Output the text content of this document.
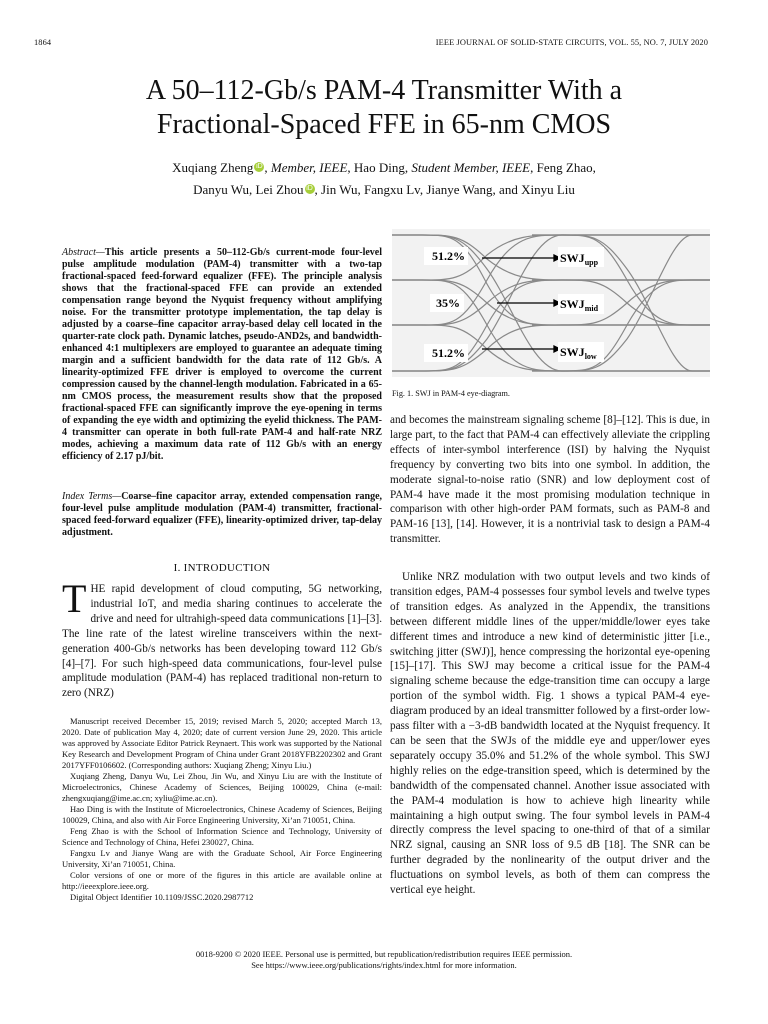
1864	IEEE JOURNAL OF SOLID-STATE CIRCUITS, VOL. 55, NO. 7, JULY 2020
A 50–112-Gb/s PAM-4 Transmitter With a
Fractional-Spaced FFE in 65-nm CMOS
Xuqiang Zheng iD , Member, IEEE, Hao Ding, Student Member, IEEE, Feng Zhao,
Danyu Wu, Lei Zhou iD , Jin Wu, Fangxu Lv, Jianye Wang, and Xinyu Liu
Abstract—This article presents a 50–112-Gb/s current-mode four-level pulse amplitude modulation (PAM-4) transmitter with a two-tap fractional-spaced feed-forward equalizer (FFE). The principle analysis shows that the fractional-spaced FFE can provide an extended compensation range beyond the Nyquist frequency without amplifying noise. For the transmitter prototype implementation, the tap delay is adjusted by a coarse–fine capacitor array-based delay cell located in the quarter-rate clock path. Dynamic latches, pseudo-AND2s, and bandwidth-enhanced 4:1 multiplexers are employed to guarantee an adequate timing margin and a sufficient bandwidth for the data rate of 112 Gb/s. A linearity-optimized FFE driver is employed to overcome the current compression caused by the channel-length modulation. Fabricated in a 65-nm CMOS process, the measurement results show that the proposed fractional-spaced FFE can significantly improve the eye-opening in terms of expanding the eye width and optimizing the eyelid thickness. The PAM-4 transmitter can operate in both full-rate PAM-4 and half-rate NRZ modes, achieving a maximum data rate of 112 Gb/s with an energy efficiency of 2.17 pJ/bit.
Index Terms—Coarse–fine capacitor array, extended compensation range, four-level pulse amplitude modulation (PAM-4) transmitter, fractional-spaced feed-forward equalizer (FFE), linearity-optimized driver, tap-delay adjustment.
I. INTRODUCTION
THE rapid development of cloud computing, 5G networking, industrial IoT, and media sharing continues to accelerate the drive and need for ultrahigh-speed data communications [1]–[3]. The line rate of the latest wireline transceivers within the next-generation 400-Gb/s networks has been developing toward 112 Gb/s [4]–[7]. For such high-speed data communications, four-level pulse amplitude modulation (PAM-4) has replaced traditional non-return to zero (NRZ)

Manuscript received December 15, 2019; revised March 5, 2020; accepted March 13, 2020. Date of publication May 4, 2020; date of current version June 29, 2020. This article was approved by Associate Editor Patrick Reynaert. This work was supported by the National Key Research and Development Program of China under Grant 2018YFB2202302 and Grant 2017YFF0106602. (Corresponding authors: Xuqiang Zheng; Xinyu Liu.)

Xuqiang Zheng, Danyu Wu, Lei Zhou, Jin Wu, and Xinyu Liu are with the Institute of Microelectronics, Chinese Academy of Sciences, Beijing 100029, China (e-mail: zhengxuqiang@ime.ac.cn; xyliu@ime.ac.cn).

Hao Ding is with the Institute of Microelectronics, Chinese Academy of Sciences, Beijing 100029, China, and also with Air Force Engineering University, Xi’an 710051, China.

Feng Zhao is with the School of Information Science and Technology, University of Science and Technology of China, Hefei 230027, China.

Fangxu Lv and Jianye Wang are with the Graduate School, Air Force Engineering University, Xi’an 710051, China.

Color versions of one or more of the figures in this article are available online at http://ieeexplore.ieee.org.

Digital Object Identifier 10.1109/JSSC.2020.2987712

51.2%
35%
51.2%
$SWJ_{upp}$
$SWJ_{mid}$
$SWJ_{low}$
Fig. 1. SWJ in PAM-4 eye-diagram.
and becomes the mainstream signaling scheme [8]–[12]. This is due, in large part, to the fact that PAM-4 can effectively alleviate the crippling effects of inter-symbol interference (ISI) by halving the Nyquist frequency by converting two bits into one symbol. In addition, the moderate signal-to-noise ratio (SNR) and low deployment cost of PAM-4 have made it the most promising modulation technique in comparison with other high-order PAM formats, such as PAM-8 and PAM-16 [13], [14]. However, it is a nontrivial task to design a PAM-4 transmitter.
Unlike NRZ modulation with two output levels and two kinds of transition edges, PAM-4 possesses four symbol levels and twelve types of transition edges. As analyzed in the Appendix, the transitions between different middle lines of the upper/middle/lower eyes take different times and introduce a new kind of deterministic jitter [i.e., switching jitter (SWJ)], hence compressing the horizontal eye-opening [15]–[17]. This SWJ may become a critical issue for the PAM-4 signaling scheme because the edge-transition time can occupy a large portion of the symbol width. Fig. 1 shows a typical PAM-4 eye-diagram produced by an ideal transmitter followed by a first-order low-pass filter with a −3-dB bandwidth located at the Nyquist frequency. It can be seen that the SWJs of the middle eye and upper/lower eyes separately occupy 35.0% and 51.2% of the whole symbol. This SWJ highly relies on the edge-transition speed, which is determined by the bandwidth of the compensated channel. Another issue associated with the PAM-4 modulation is how to achieve high linearity while maintaining a high output swing. The four symbol levels in PAM-4 directly compress the level spacing to one-third of that of a similar NRZ signal, causing an SNR loss of 9.5 dB [18]. The SNR can be further degraded by the nonlinearity of the output driver and the fluctuations on symbol levels, as both of them can compress the vertical eye height.
0018-9200 © 2020 IEEE. Personal use is permitted, but republication/redistribution requires IEEE permission.
See https://www.ieee.org/publications/rights/index.html for more information.
